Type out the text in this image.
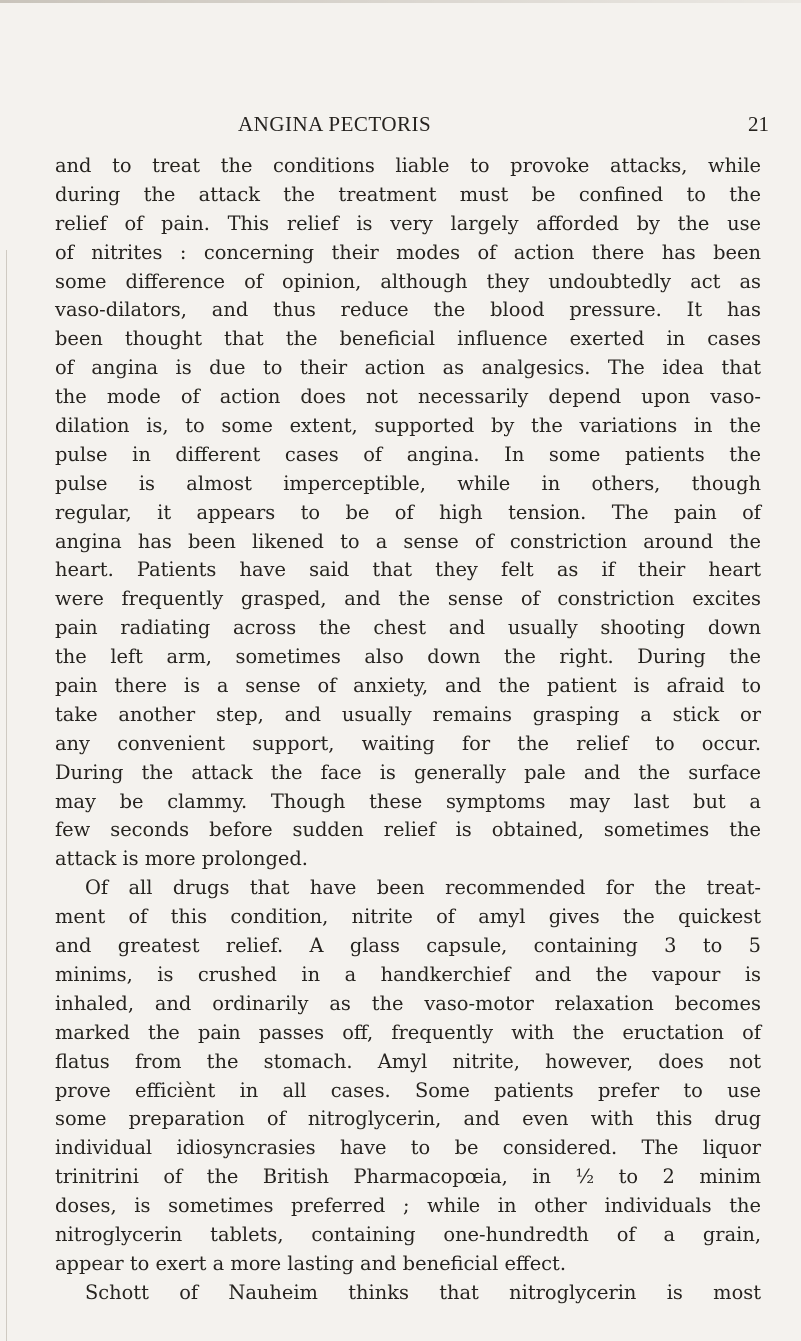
ANGINA PECTORIS	21
and to treat the conditions liable to provoke attacks, while
during the attack the treatment must be confined to the
relief of pain. This relief is very largely afforded by the use
of nitrites : concerning their modes of action there has been
some difference of opinion, although they undoubtedly act as
vaso-dilators, and thus reduce the blood pressure. It has
been thought that the beneficial influence exerted in cases
of angina is due to their action as analgesics. The idea that
the mode of action does not necessarily depend upon vaso-
dilation is, to some extent, supported by the variations in the
pulse in different cases of angina. In some patients the
pulse is almost imperceptible, while in others, though
regular, it appears to be of high tension. The pain of
angina has been likened to a sense of constriction around the
heart. Patients have said that they felt as if their heart
were frequently grasped, and the sense of constriction excites
pain radiating across the chest and usually shooting down
the left arm, sometimes also down the right. During the
pain there is a sense of anxiety, and the patient is afraid to
take another step, and usually remains grasping a stick or
any convenient support, waiting for the relief to occur.
During the attack the face is generally pale and the surface
may be clammy. Though these symptoms may last but a
few seconds before sudden relief is obtained, sometimes the
attack is more prolonged.
Of all drugs that have been recommended for the treat-
ment of this condition, nitrite of amyl gives the quickest
and greatest relief. A glass capsule, containing 3 to 5
minims, is crushed in a handkerchief and the vapour is
inhaled, and ordinarily as the vaso-motor relaxation becomes
marked the pain passes off, frequently with the eructation of
flatus from the stomach. Amyl nitrite, however, does not
prove efficiènt in all cases. Some patients prefer to use
some preparation of nitroglycerin, and even with this drug
individual idiosyncrasies have to be considered. The liquor
trinitrini of the British Pharmacopœia, in ½ to 2 minim
doses, is sometimes preferred ; while in other individuals the
nitroglycerin tablets, containing one-hundredth of a grain,
appear to exert a more lasting and beneficial effect.
Schott of Nauheim thinks that nitroglycerin is most
